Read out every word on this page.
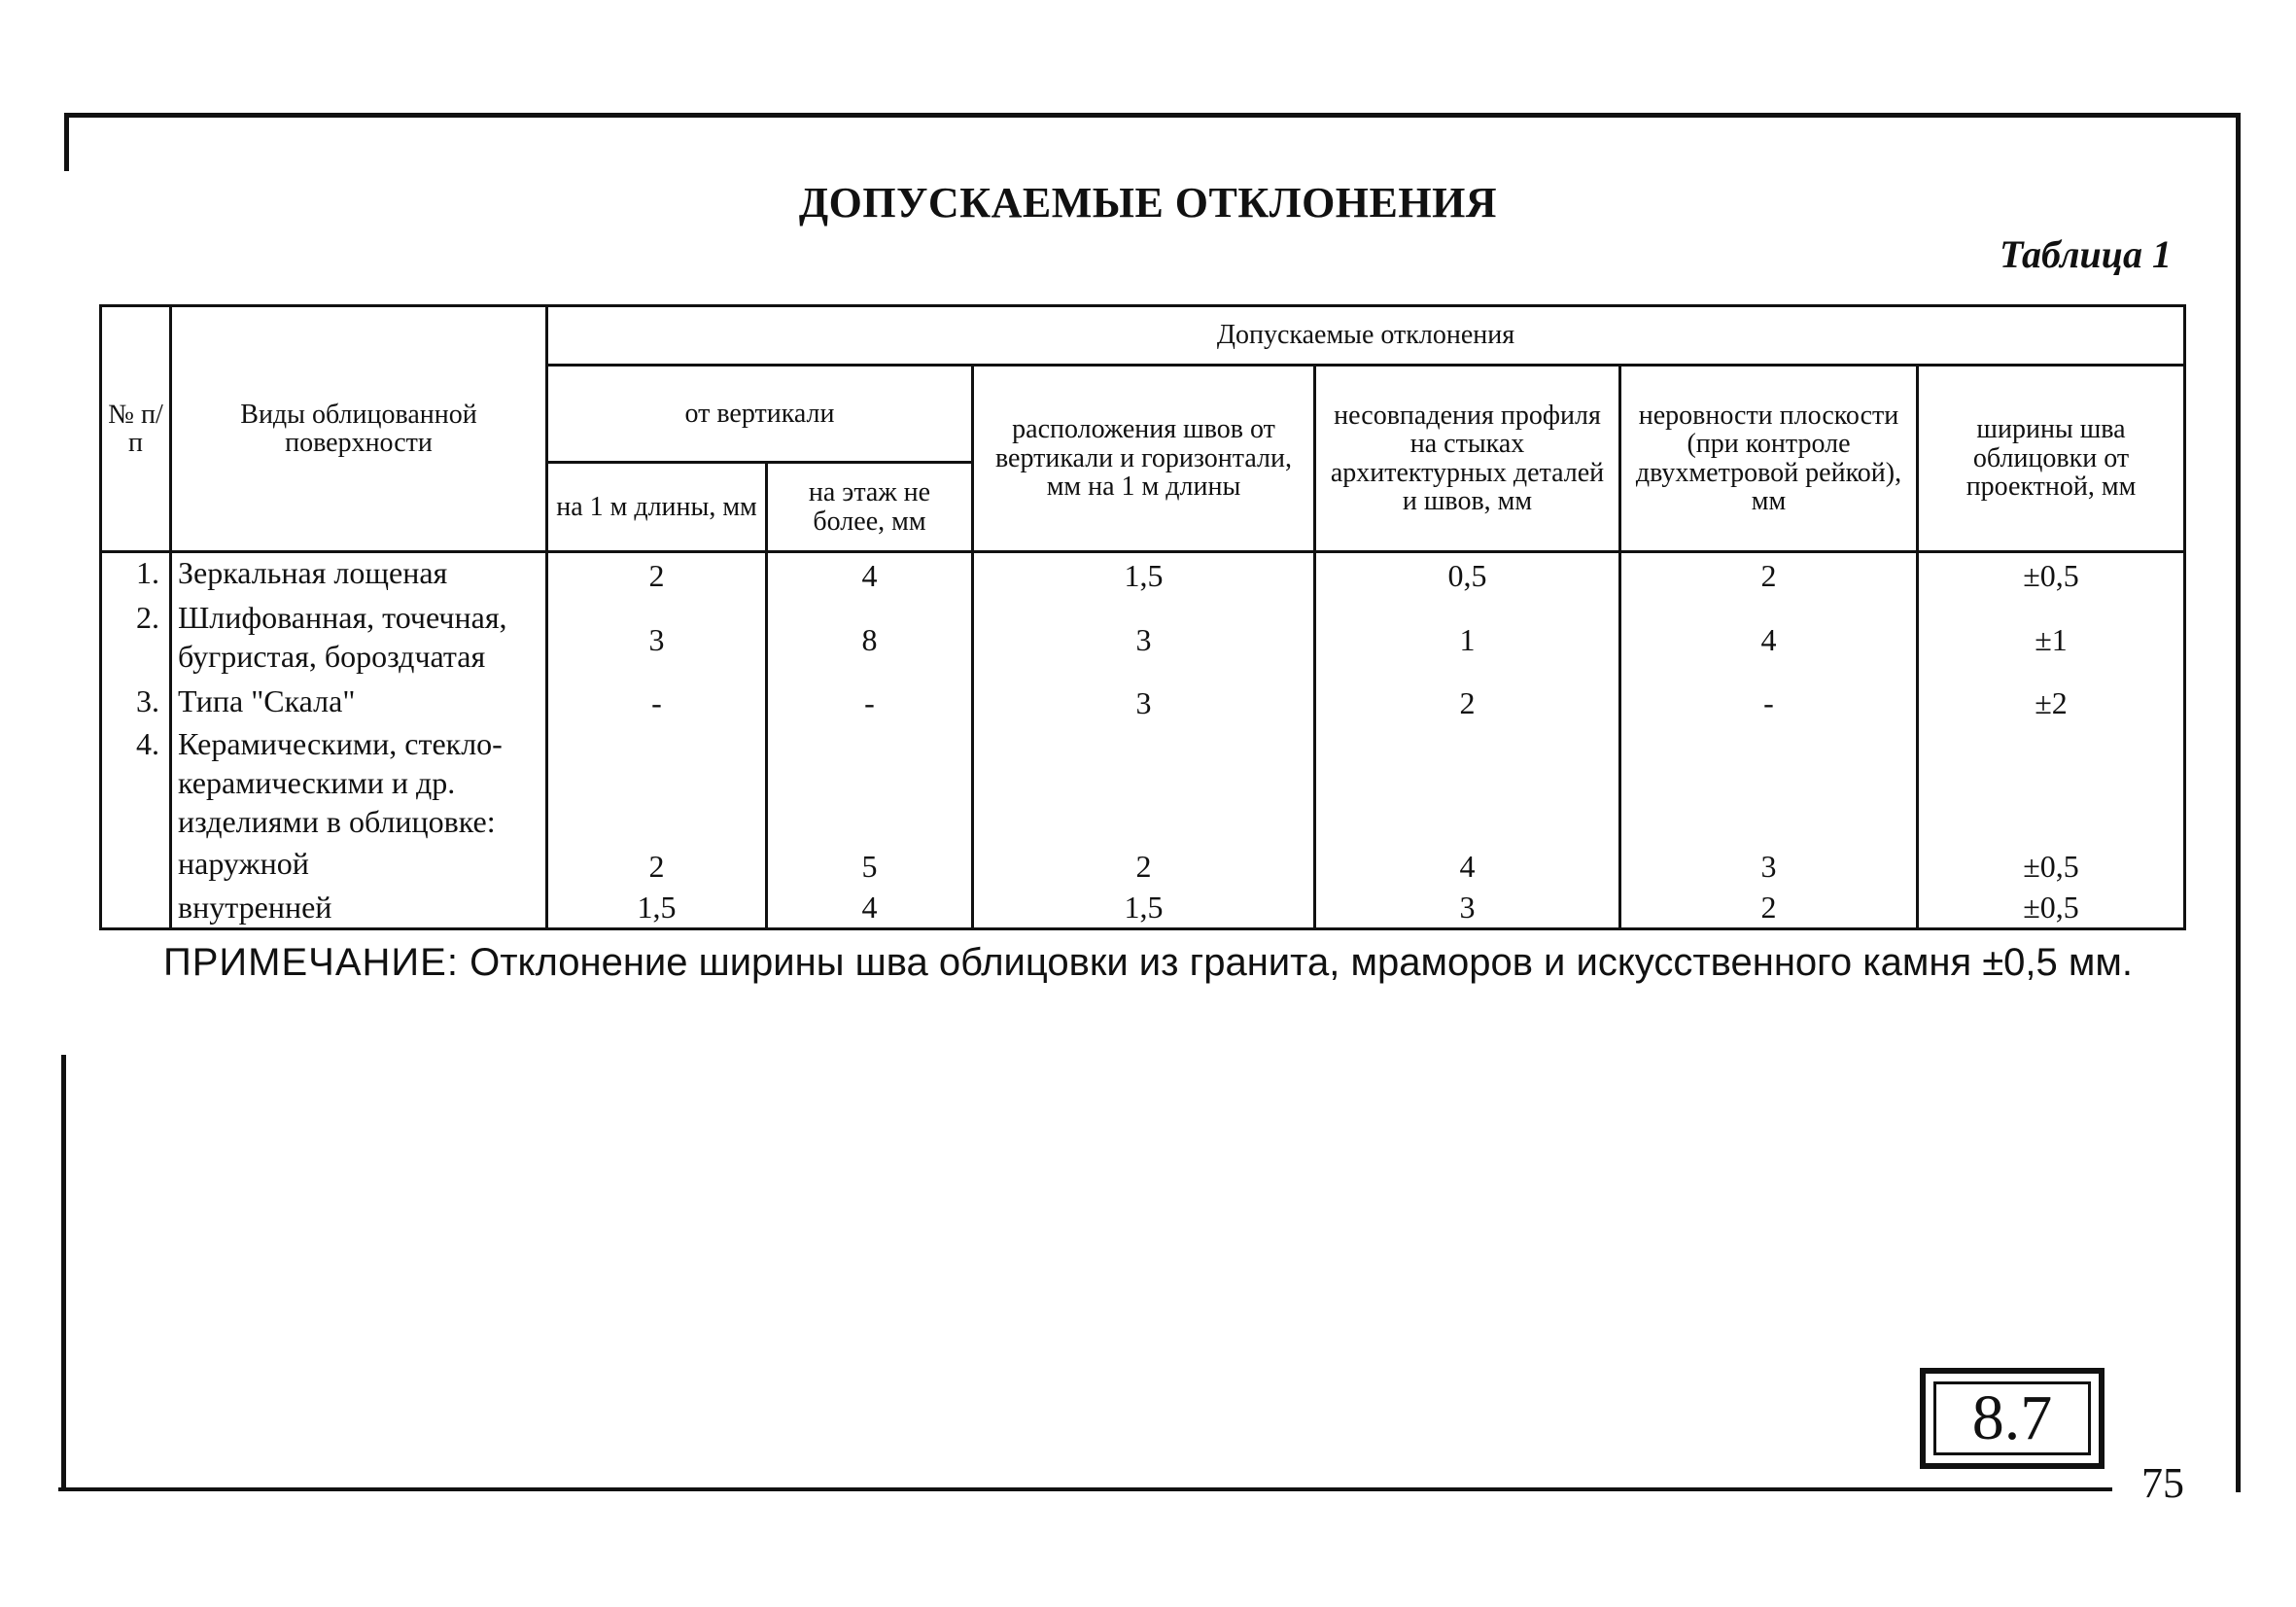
ДОПУСКАЕМЫЕ ОТКЛОНЕНИЯ
Таблица 1
№ п/п	Виды облицованной поверхности	Допускаемые отклонения					
		от вертикали		расположения швов от вертикали и горизонтали, мм на 1 м длины	несовпадения профиля на стыках архитектурных деталей и швов, мм	неровности плоскости (при контроле двухметровой рейкой), мм	ширины шва облицовки от проектной, мм
		на 1 м длины, мм	на этаж не более, мм				
1.	Зеркальная лощеная	2	4	1,5	0,5	2	±0,5
2.	Шлифованная, точечная, бугристая, бороздчатая	3	8	3	1	4	±1
3.	Типа "Скала"	-	-	3	2	-	±2
4.	Керамическими, стекло-керамическими и др. изделиями в облицовке:						
	наружной	2	5	2	4	3	±0,5
	внутренней	1,5	4	1,5	3	2	±0,5
ПРИМЕЧАНИЕ: Отклонение ширины шва облицовки из гранита, мраморов и искусственного камня ±0,5 мм.
8.7
75
